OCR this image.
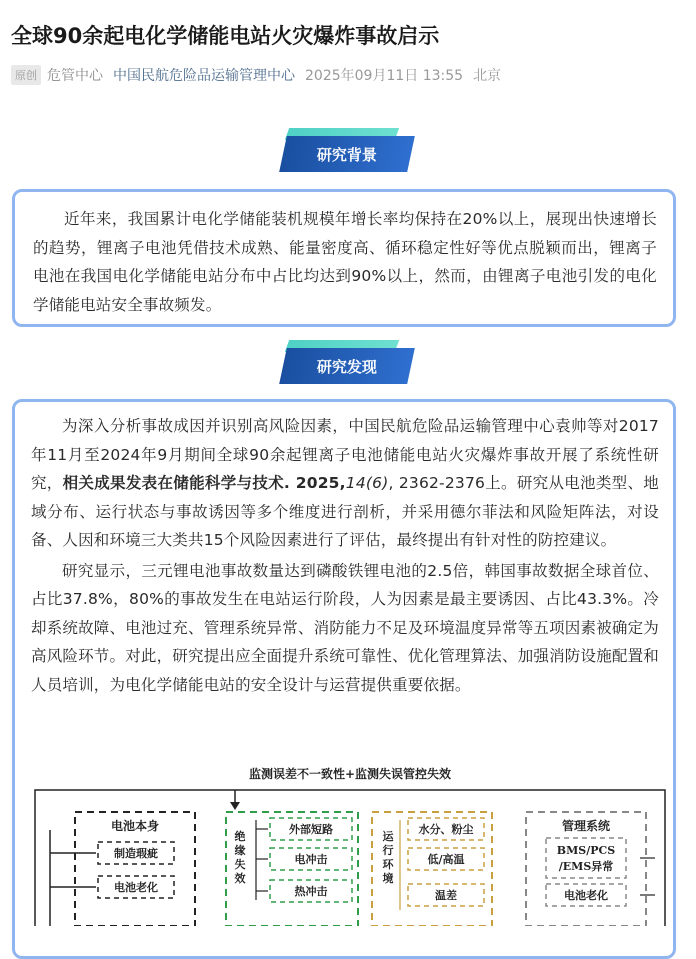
全球90余起电化学储能电站火灾爆炸事故启示
原创 危管中心 中国民航危险品运输管理中心 2025年09月11日 13:55 北京
研究背景

近年来，我国累计电化学储能装机规模年增长率均保持在20%以上，展现出快速增长的趋势，锂离子电池凭借技术成熟、能量密度高、循环稳定性好等优点脱颖而出，锂离子电池在我国电化学储能电站分布中占比均达到90%以上，然而，由锂离子电池引发的电化学储能电站安全事故频发。

研究发现

为深入分析事故成因并识别高风险因素，中国民航危险品运输管理中心袁帅等对2017年11月至2024年9月期间全球90余起锂离子电池储能电站火灾爆炸事故开展了系统性研究，相关成果发表在储能科学与技术. 2025,14(6), 2362-2376上。研究从电池类型、地域分布、运行状态与事故诱因等多个维度进行剖析，并采用德尔菲法和风险矩阵法，对设备、人因和环境三大类共15个风险因素进行了评估，最终提出有针对性的防控建议。

研究显示，三元锂电池事故数量达到磷酸铁锂电池的2.5倍，韩国事故数据全球首位、占比37.8%，80%的事故发生在电站运行阶段，人为因素是最主要诱因、占比43.3%。冷却系统故障、电池过充、管理系统异常、消防能力不足及环境温度异常等五项因素被确定为高风险环节。对此，研究提出应全面提升系统可靠性、优化管理算法、加强消防设施配置和人员培训，为电化学储能电站的安全设计与运营提供重要依据。

监测误差不一致性+监测失误管控失效
电池本身
制造瑕疵
电池老化
绝
缘
失
效
外部短路
电冲击
热冲击
运
行
环
境
水分、粉尘
低/高温
温差
管理系统
BMS/PCS
/EMS异常
电池老化
